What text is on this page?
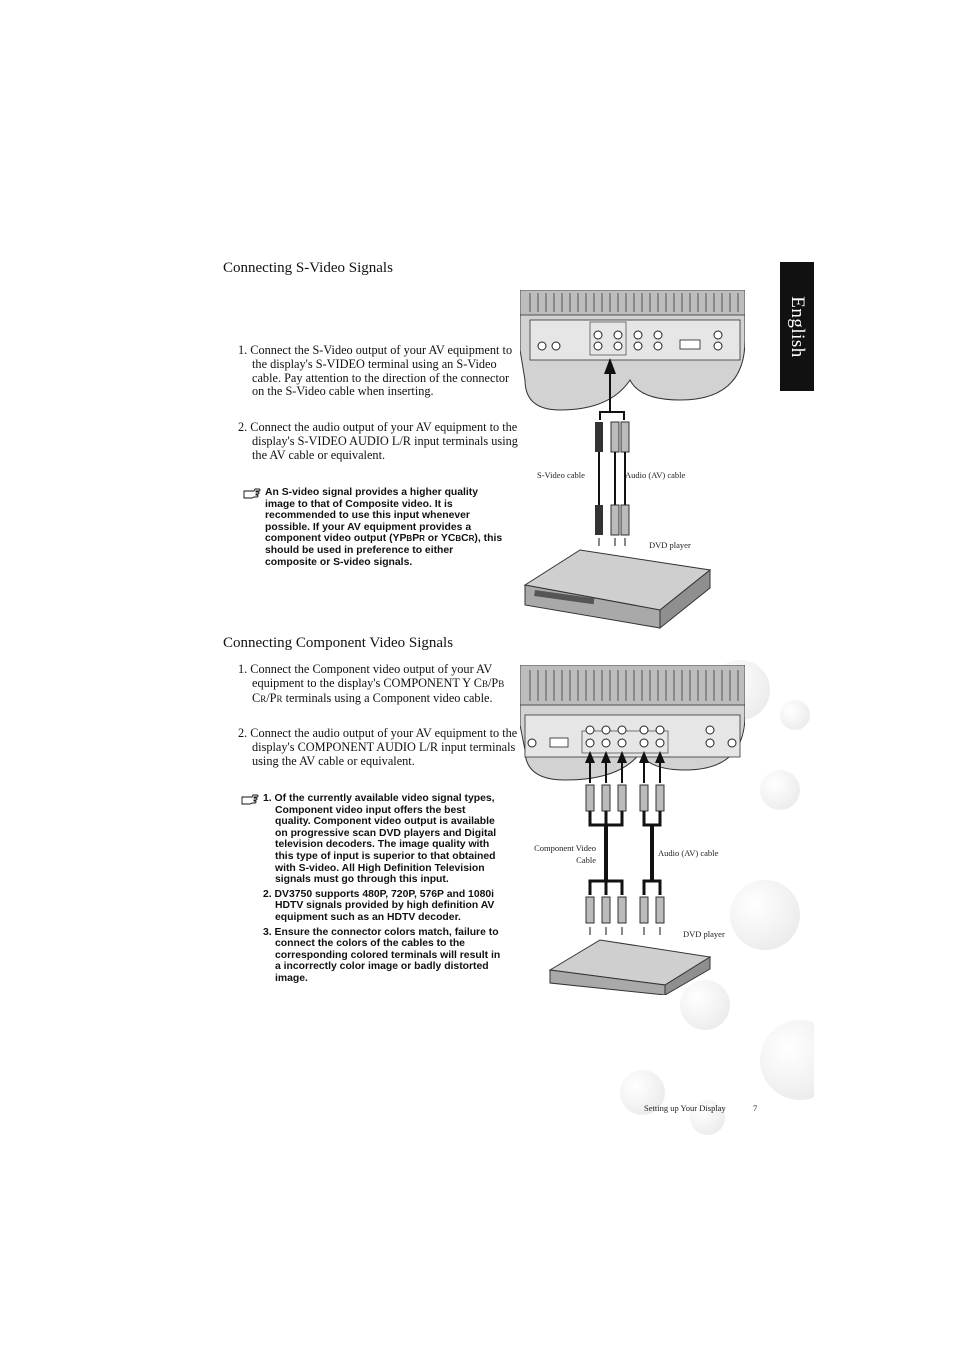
English
Connecting S-Video Signals
1. Connect the S-Video output of your AV equipment to the display's S-VIDEO terminal using an S-Video cable. Pay attention to the direction of the connector on the S-Video cable when inserting.
2. Connect the audio output of your AV equipment to the display's S-VIDEO AUDIO L/R input terminals using the AV cable or equivalent.
An S-video signal provides a higher quality image to that of Composite video. It is recommended to use this input whenever possible. If your AV equipment provides a component video output (YPBPR or YCBCR), this should be used in preference to either composite or S-video signals.
S-Video cable	Audio (AV) cable
DVD player
Connecting Component Video Signals
1. Connect the Component video output of your AV equipment to the display's COMPONENT Y CB/PB CR/PR terminals using a Component video cable.
2. Connect the audio output of your AV equipment to the display's COMPONENT AUDIO L/R input terminals using the AV cable or equivalent.
1. Of the currently available video signal types, Component video input offers the best quality. Component video output is available on progressive scan DVD players and Digital television decoders. The image quality with this type of input is superior to that obtained with S-video. All High Definition Television signals must go through this input.
2. DV3750 supports 480P, 720P, 576P and 1080i HDTV signals provided by high definition AV equipment such as an HDTV decoder.
3. Ensure the connector colors match, failure to connect the colors of the cables to the corresponding colored terminals will result in a incorrectly color image or badly distorted image.
Component Video Cable
Audio (AV) cable
DVD player
Setting up Your Display	7
